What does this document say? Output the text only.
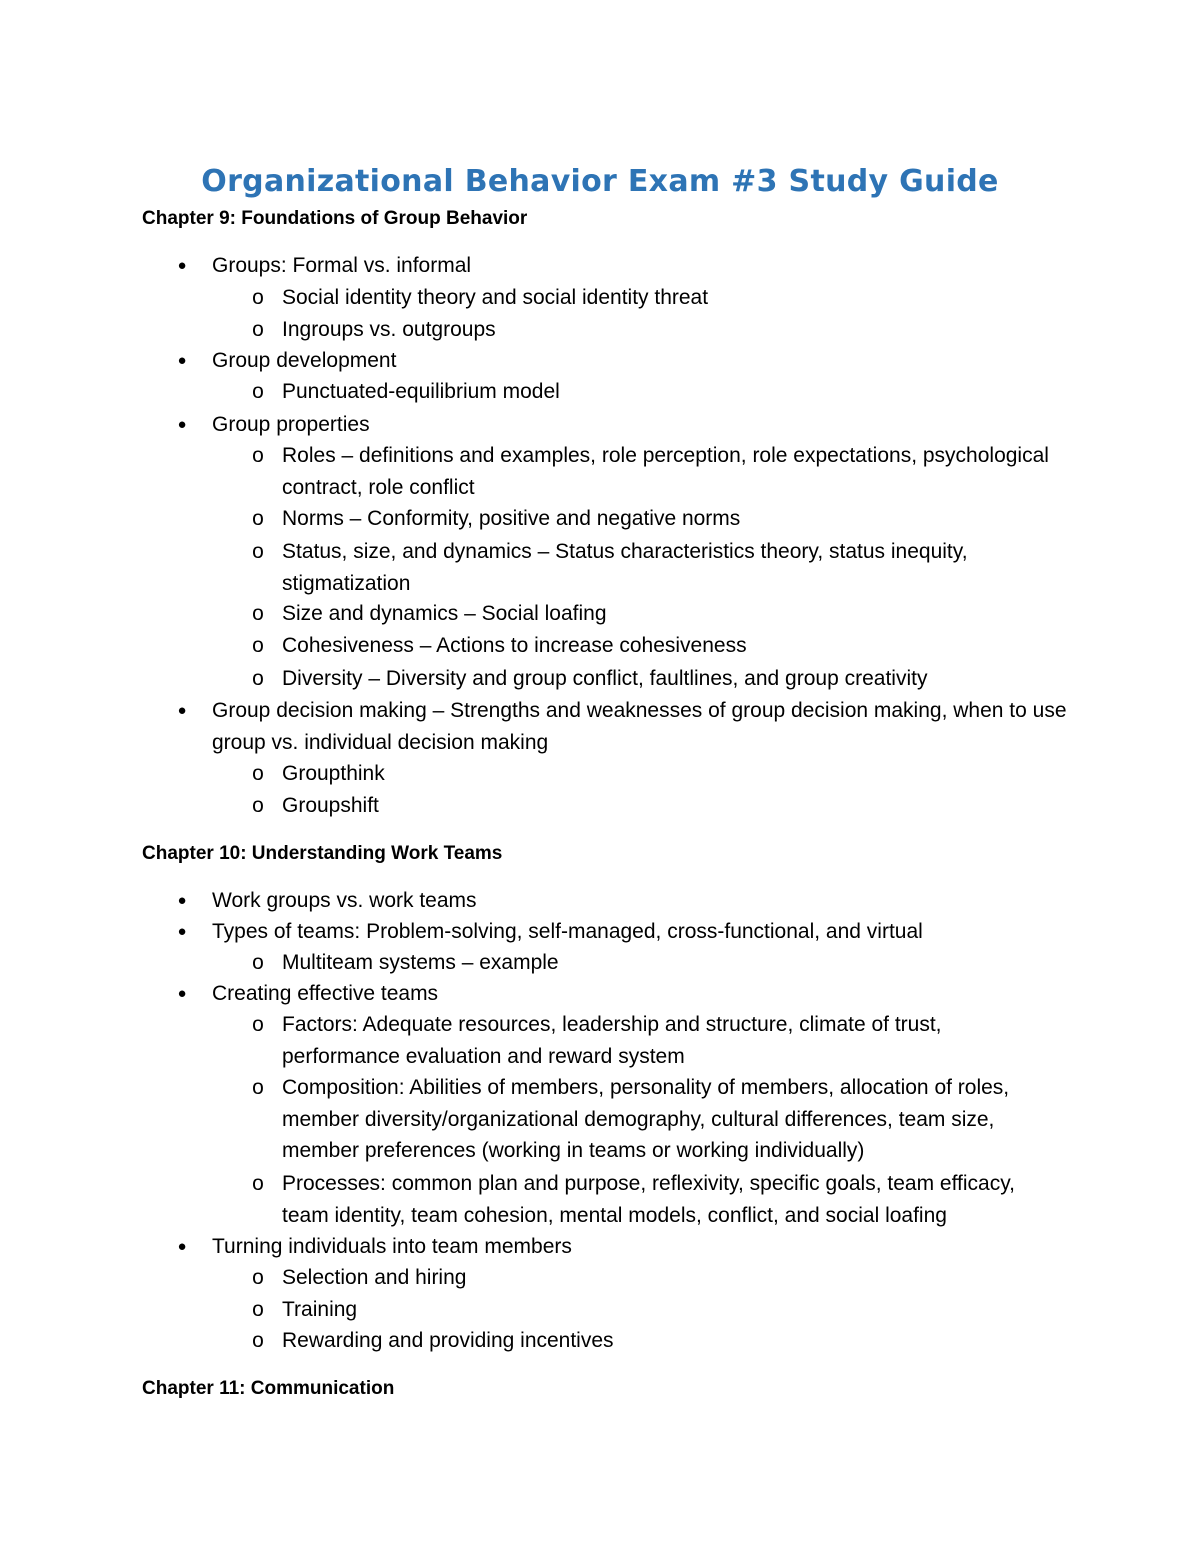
Organizational Behavior Exam #3 Study Guide
Chapter 9: Foundations of Group Behavior
● Groups: Formal vs. informal
o Social identity theory and social identity threat
o Ingroups vs. outgroups
● Group development
o Punctuated-equilibrium model
● Group properties
o Roles – definitions and examples, role perception, role expectations, psychological contract, role conflict
o Norms – Conformity, positive and negative norms
o Status, size, and dynamics – Status characteristics theory, status inequity, stigmatization
o Size and dynamics – Social loafing
o Cohesiveness – Actions to increase cohesiveness
o Diversity – Diversity and group conflict, faultlines, and group creativity
● Group decision making – Strengths and weaknesses of group decision making, when to use group vs. individual decision making
o Groupthink
o Groupshift
Chapter 10: Understanding Work Teams
● Work groups vs. work teams
● Types of teams: Problem-solving, self-managed, cross-functional, and virtual
o Multiteam systems – example
● Creating effective teams
o Factors: Adequate resources, leadership and structure, climate of trust, performance evaluation and reward system
o Composition: Abilities of members, personality of members, allocation of roles, member diversity/organizational demography, cultural differences, team size, member preferences (working in teams or working individually)
o Processes: common plan and purpose, reflexivity, specific goals, team efficacy, team identity, team cohesion, mental models, conflict, and social loafing
● Turning individuals into team members
o Selection and hiring
o Training
o Rewarding and providing incentives
Chapter 11: Communication
